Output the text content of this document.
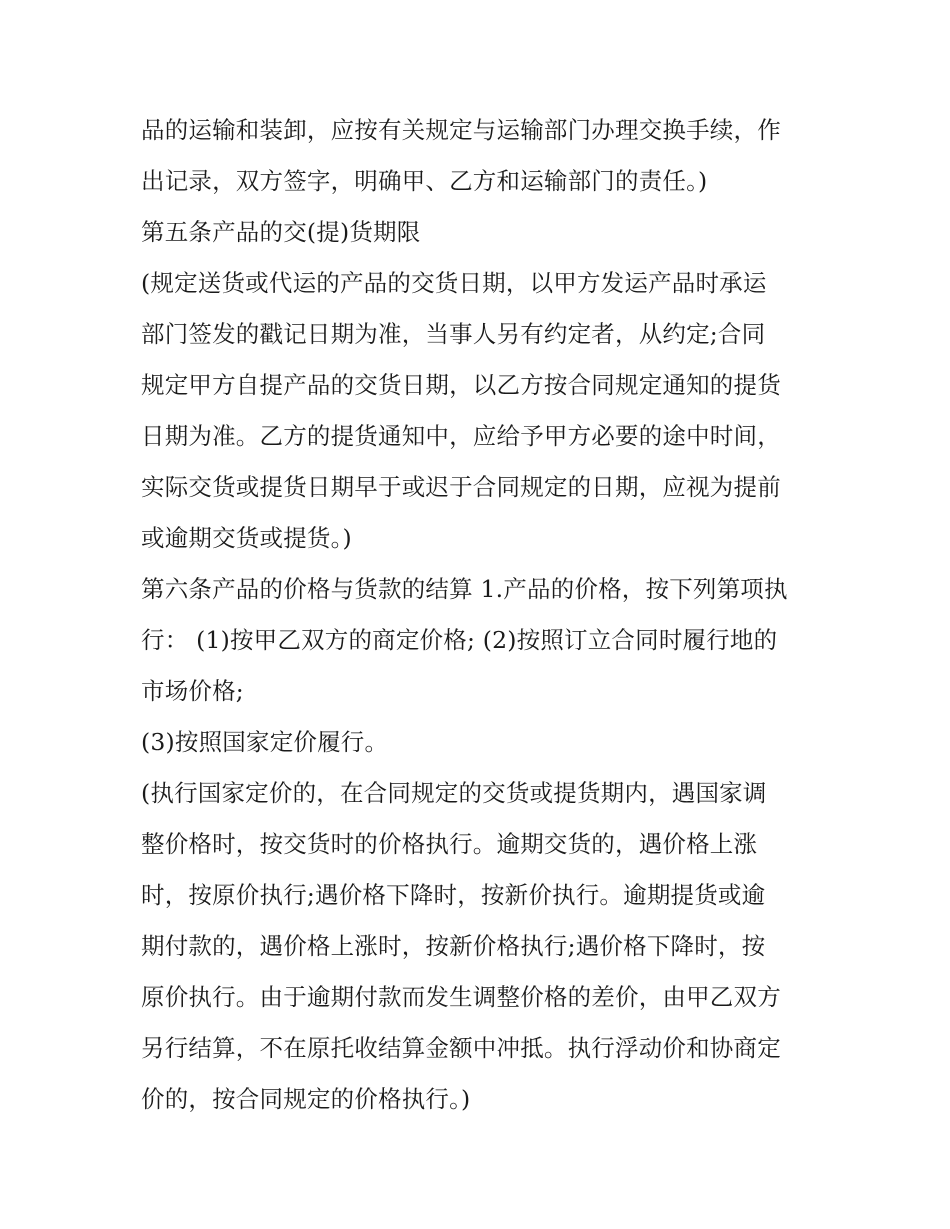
品的运输和装卸，应按有关规定与运输部门办理交换手续，作
出记录，双方签字，明确甲、乙方和运输部门的责任。)
第五条产品的交(提)货期限
(规定送货或代运的产品的交货日期，以甲方发运产品时承运
部门签发的戳记日期为准，当事人另有约定者，从约定;合同
规定甲方自提产品的交货日期，以乙方按合同规定通知的提货
日期为准。乙方的提货通知中，应给予甲方必要的途中时间，
实际交货或提货日期早于或迟于合同规定的日期，应视为提前
或逾期交货或提货。)
第六条产品的价格与货款的结算 1.产品的价格，按下列第项执
行： (1)按甲乙双方的商定价格; (2)按照订立合同时履行地的
市场价格;
(3)按照国家定价履行。
(执行国家定价的，在合同规定的交货或提货期内，遇国家调
整价格时，按交货时的价格执行。逾期交货的，遇价格上涨
时，按原价执行;遇价格下降时，按新价执行。逾期提货或逾
期付款的，遇价格上涨时，按新价格执行;遇价格下降时，按
原价执行。由于逾期付款而发生调整价格的差价，由甲乙双方
另行结算，不在原托收结算金额中冲抵。执行浮动价和协商定
价的，按合同规定的价格执行。)
